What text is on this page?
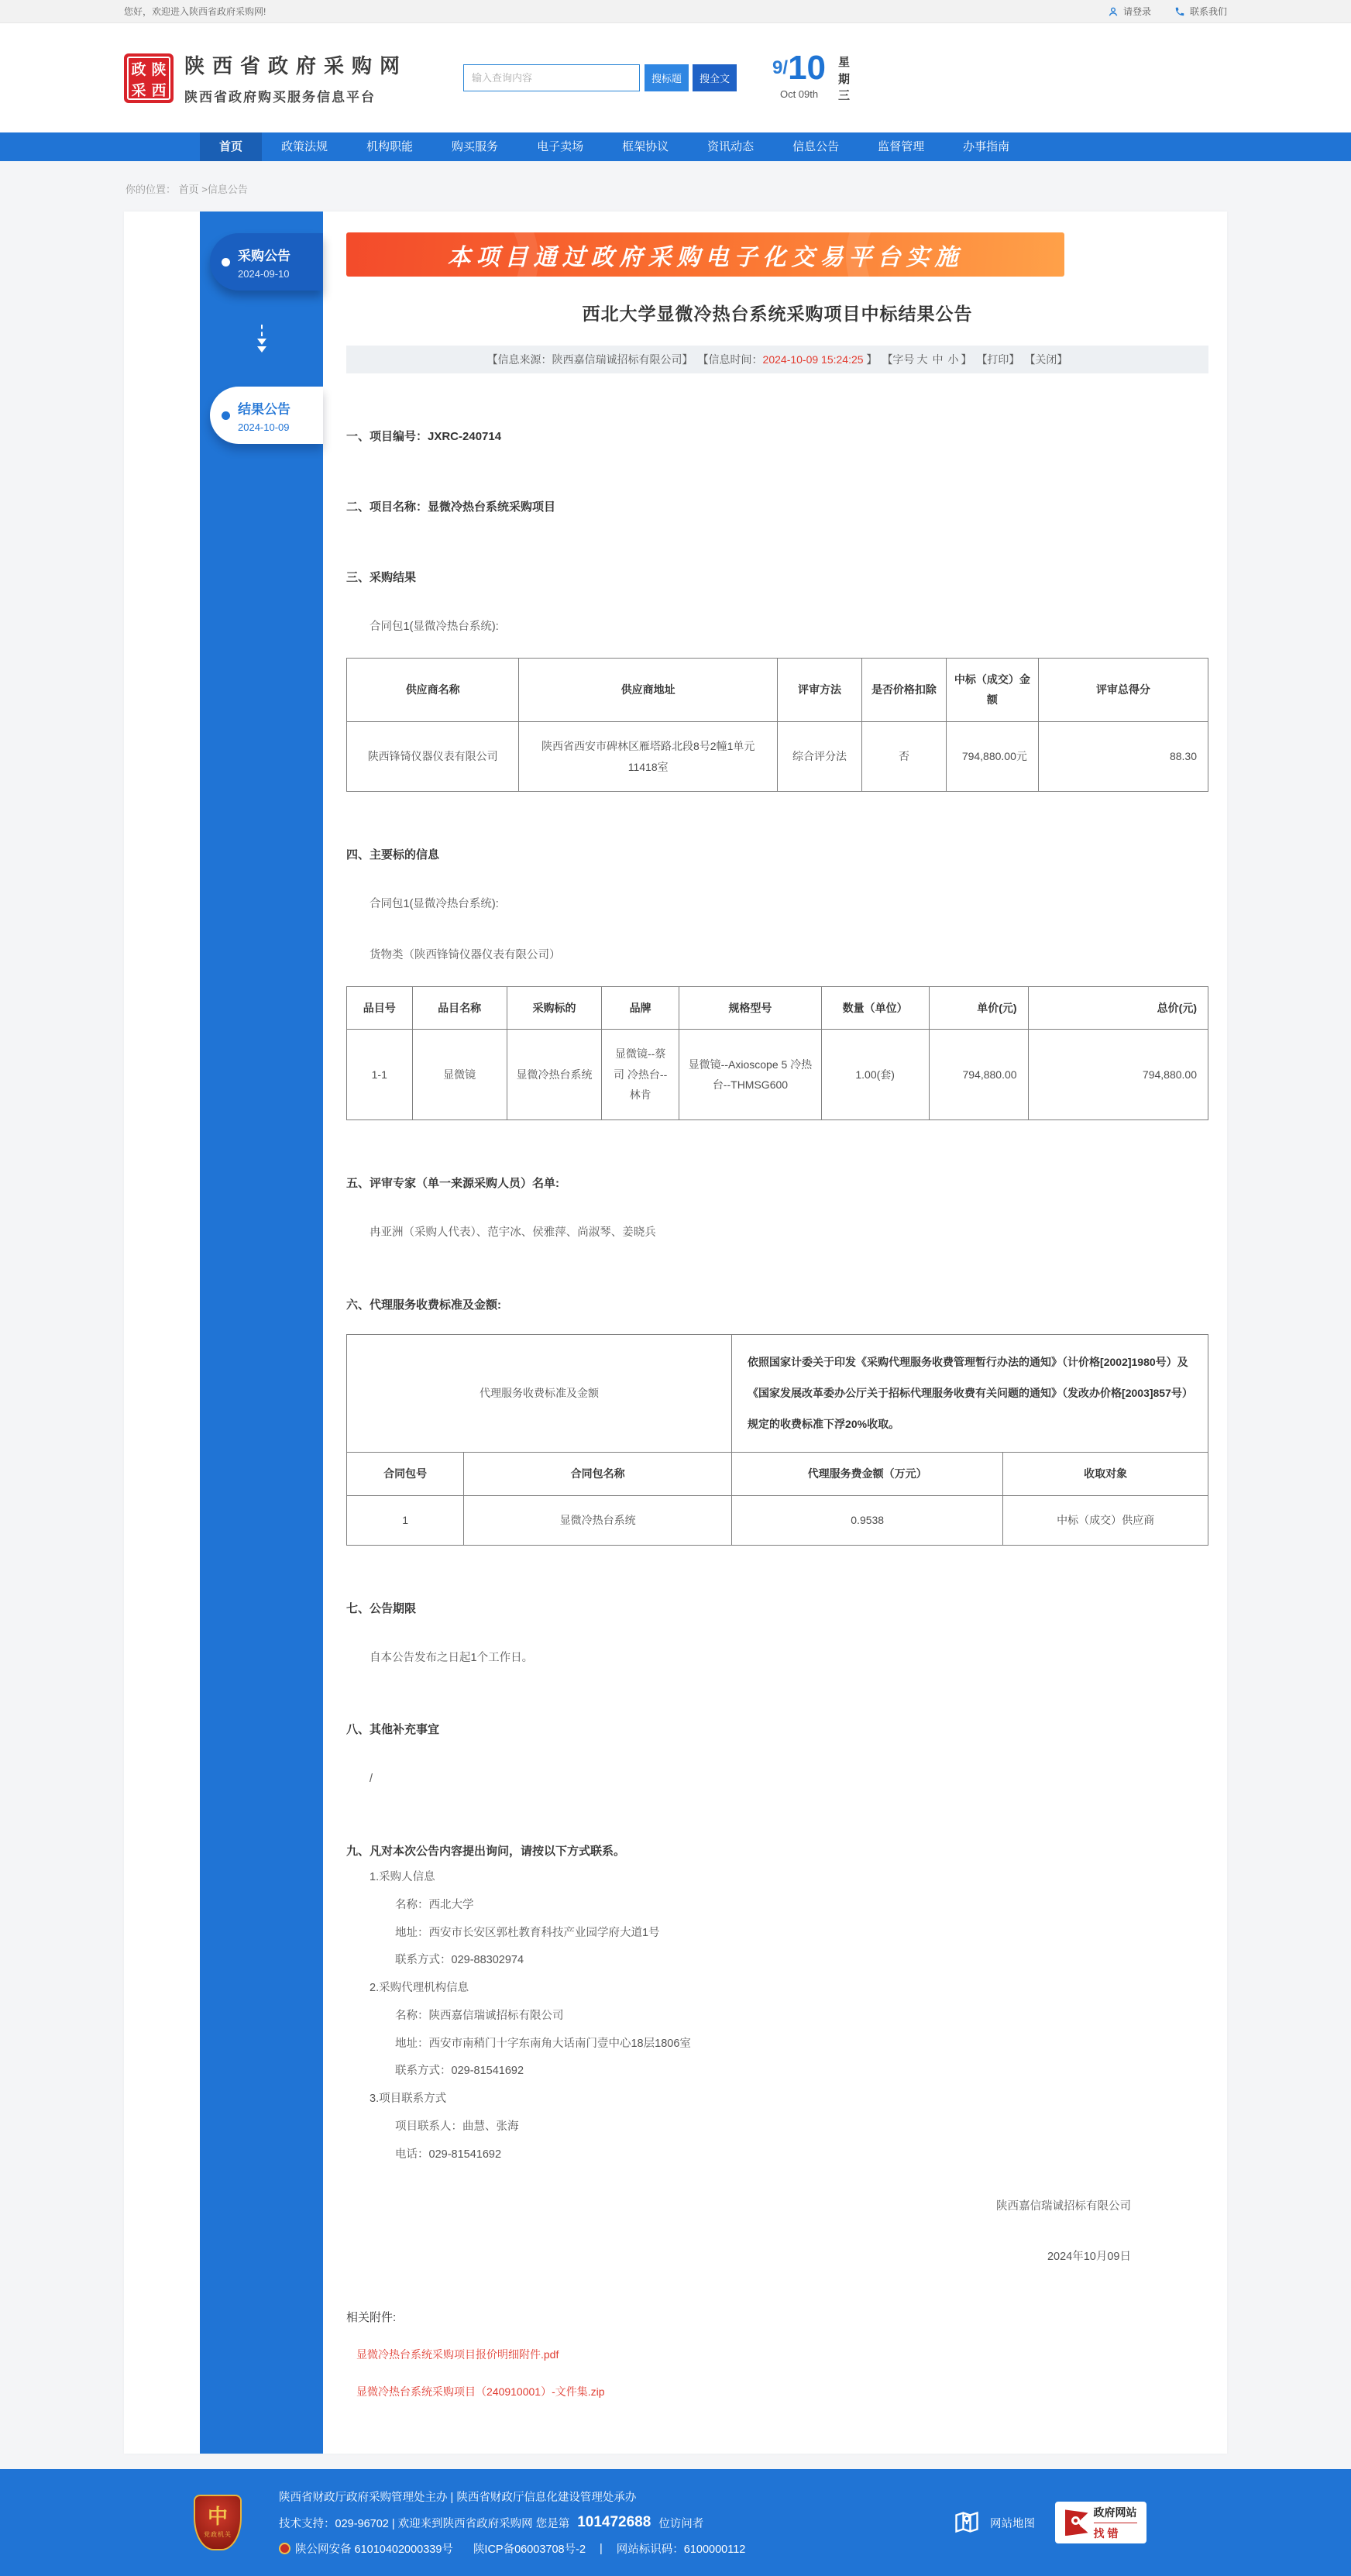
您好，欢迎进入陕西省政府采购网!	请登录	联系我们
政 陕
采 西
陕西省政府采购网
陕西省政府购买服务信息平台
输入查询内容
搜标题	搜全文
9/ 10
Oct 09th
星期三
首页	政策法规	机构职能	购买服务	电子卖场	框架协议	资讯动态	信息公告	监督管理	办事指南
你的位置： 首页 >信息公告
采购公告
2024-09-10
结果公告
2024-10-09
本项目通过政府采购电子化交易平台实施
西北大学显微冷热台系统采购项目中标结果公告
【信息来源：陕西嘉信瑞诚招标有限公司】 【信息时间： 2024-10-09 15:24:25 】 【字号 大 中 小 】 【打印】 【关闭】
一、项目编号：JXRC-240714
二、项目名称：显微冷热台系统采购项目
三、采购结果
合同包1(显微冷热台系统):
供应商名称	供应商地址	评审方法	是否价格扣除	中标（成交）金额	评审总得分
陕西锋锜仪器仪表有限公司	陕西省西安市碑林区雁塔路北段8号2幢1单元11418室	综合评分法	否	794,880.00元	88.30
四、主要标的信息
合同包1(显微冷热台系统):
货物类（陕西锋锜仪器仪表有限公司）
品目号	品目名称	采购标的	品牌	规格型号	数量（单位）	单价(元)	总价(元)
1-1	显微镜	显微冷热台系统	显微镜--蔡司 冷热台--林肯	显微镜--Axioscope 5 冷热台--THMSG600	1.00(套)	794,880.00	794,880.00
五、评审专家（单一来源采购人员）名单:
冉亚洲（采购人代表）、范宇冰、侯雅萍、尚淑琴、姜晓兵
六、代理服务收费标准及金额:
代理服务收费标准及金额		依照国家计委关于印发《采购代理服务收费管理暂行办法的通知》（计价格[2002]1980号）及《国家发展改革委办公厅关于招标代理服务收费有关问题的通知》（发改办价格[2003]857号）规定的收费标准下浮20%收取。	
合同包号	合同包名称	代理服务费金额（万元）	收取对象
1	显微冷热台系统	0.9538	中标（成交）供应商
七、公告期限
自本公告发布之日起1个工作日。
八、其他补充事宜
/
九、凡对本次公告内容提出询问，请按以下方式联系。
1.采购人信息
名称：西北大学
地址：西安市长安区郭杜教育科技产业园学府大道1号
联系方式：029-88302974
2.采购代理机构信息
名称：陕西嘉信瑞诚招标有限公司
地址：西安市南稍门十字东南角大话南门壹中心18层1806室
联系方式：029-81541692
3.项目联系方式
项目联系人：曲慧、张海
电话：029-81541692
陕西嘉信瑞诚招标有限公司
2024年10月09日
相关附件:
显微冷热台系统采购项目报价明细附件.pdf
显微冷热台系统采购项目（240910001）-文件集.zip
中
党政机关
陕西省财政厅政府采购管理处主办 | 陕西省财政厅信息化建设管理处承办
技术支持：029-96702 | 欢迎来到陕西省政府采购网 您是第 101472688 位访问者
陕公网安备 61010402000339号 陕ICP备06003708号-2 | 网站标识码：6100000112
网站地图
政府网站
找错
